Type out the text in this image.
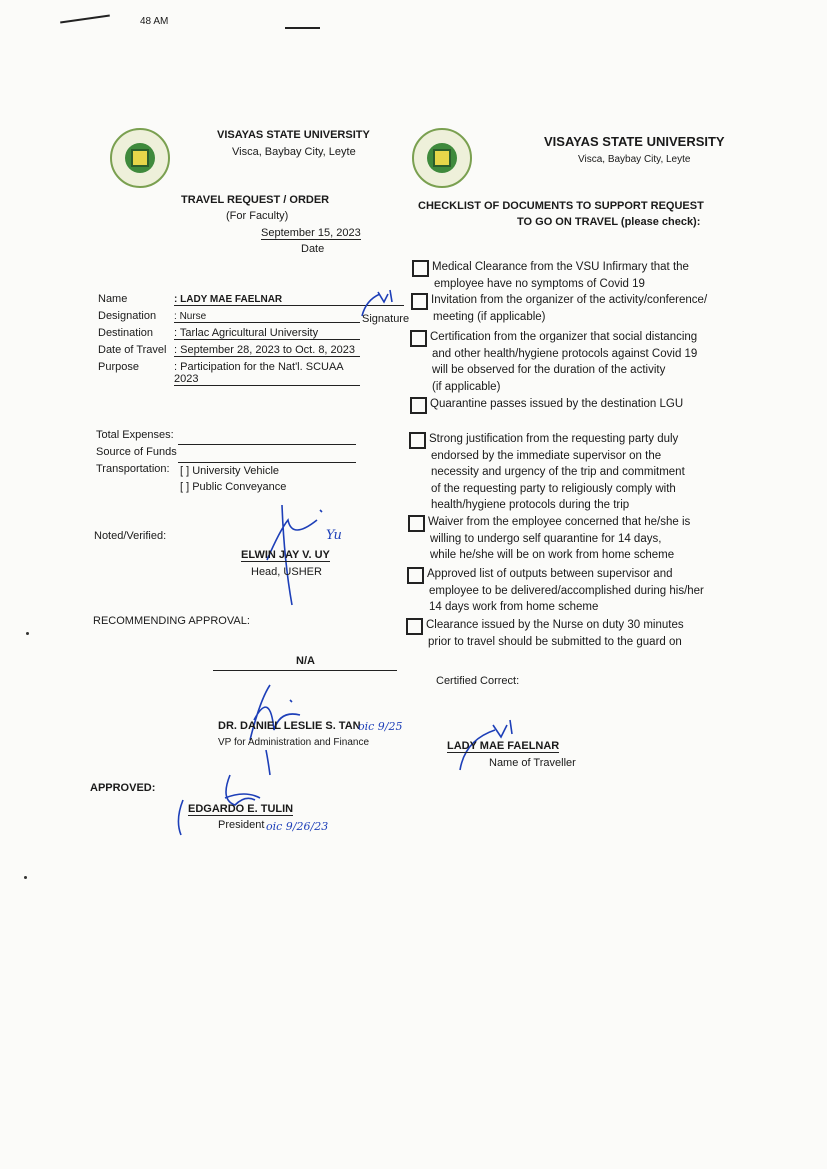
48 AM
VISAYAS STATE UNIVERSITY
Visca, Baybay City, Leyte
TRAVEL REQUEST / ORDER
(For Faculty)
September 15, 2023
Date
Name
Designation
Destination
Date of Travel
Purpose
: LADY MAE FAELNAR
: Nurse
: Tarlac Agricultural University
: September 28, 2023 to Oct. 8, 2023
: Participation for the Nat'l. SCUAA 2023
Signature
Total Expenses:
Source of Funds
Transportation: [ ] University Vehicle
[ ] Public Conveyance
Noted/Verified:
ELWIN JAY V. UY
Yu
Head, USHER
RECOMMENDING APPROVAL:
N/A
DR. DANIEL LESLIE S. TAN
oic 9/25
VP for Administration and Finance
APPROVED:
EDGARDO E. TULIN
President oic 9/26/23
VISAYAS STATE UNIVERSITY
Visca, Baybay City, Leyte
CHECKLIST OF DOCUMENTS TO SUPPORT REQUEST
TO GO ON TRAVEL (please check):
Medical Clearance from the VSU Infirmary that the
employee have no symptoms of Covid 19
Invitation from the organizer of the activity/conference/
meeting (if applicable)
Certification from the organizer that social distancing
and other health/hygiene protocols against Covid 19
will be observed for the duration of the activity
(if applicable)
Quarantine passes issued by the destination LGU
Strong justification from the requesting party duly
endorsed by the immediate supervisor on the
necessity and urgency of the trip and commitment
of the requesting party to religiously comply with
health/hygiene protocols during the trip
Waiver from the employee concerned that he/she is
willing to undergo self quarantine for 14 days,
while he/she will be on work from home scheme
Approved list of outputs between supervisor and
employee to be delivered/accomplished during his/her
14 days work from home scheme
Clearance issued by the Nurse on duty 30 minutes
prior to travel should be submitted to the guard on
Certified Correct:
LADY MAE FAELNAR
Name of Traveller
